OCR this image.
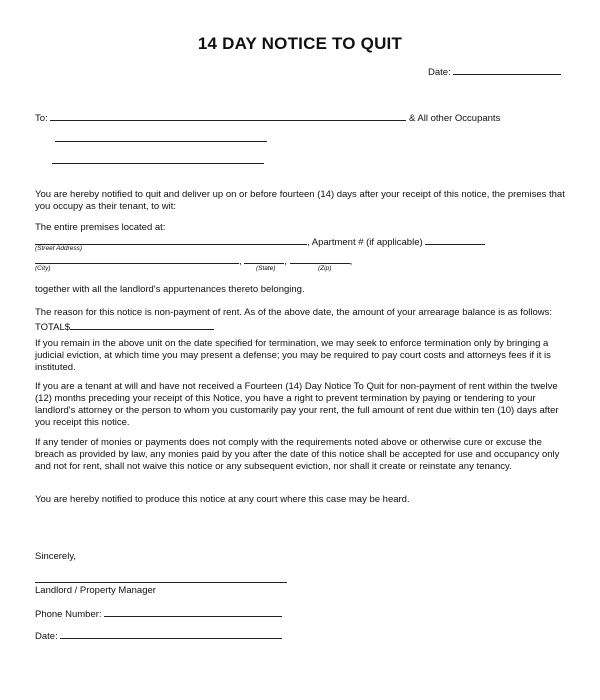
14 DAY NOTICE TO QUIT
Date:
To:	& All other Occupants
You are hereby notified to quit and deliver up on or before fourteen (14) days after your receipt of this notice, the premises that you occupy as their tenant, to wit:
The entire premises located at:
, Apartment # (if applicable)
(Street Address)
,	,	,
(City)	(State)	(Zip)
together with all the landlord's appurtenances thereto belonging.
The reason for this notice is non-payment of rent. As of the above date, the amount of your arrearage balance is as follows: TOTAL$
If you remain in the above unit on the date specified for termination, we may seek to enforce termination only by bringing a judicial eviction, at which time you may present a defense; you may be required to pay court costs and attorneys fees if it is instituted.
If you are a tenant at will and have not received a Fourteen (14) Day Notice To Quit for non-payment of rent within the twelve (12) months preceding your receipt of this Notice, you have a right to prevent termination by paying or tendering to your landlord's attorney or the person to whom you customarily pay your rent, the full amount of rent due within ten (10) days after you receipt this notice.
If any tender of monies or payments does not comply with the requirements noted above or otherwise cure or excuse the breach as provided by law, any monies paid by you after the date of this notice shall be accepted for use and occupancy only and not for rent, shall not waive this notice or any subsequent eviction, nor shall it create or reinstate any tenancy.
You are hereby notified to produce this notice at any court where this case may be heard.
Sincerely,
Landlord / Property Manager
Phone Number:
Date:
